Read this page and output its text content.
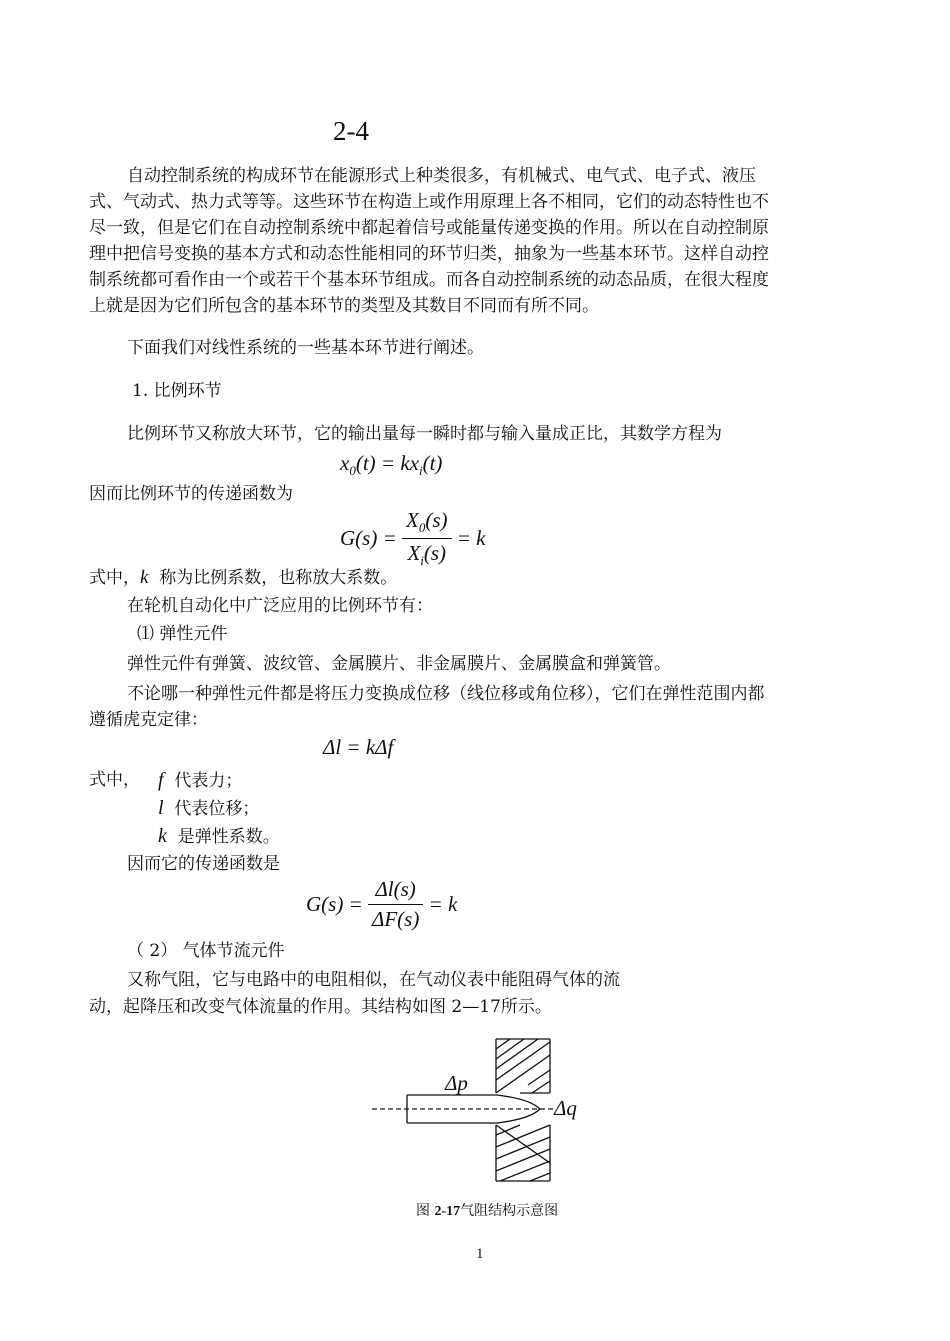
2-4
自动控制系统的构成环节在能源形式上种类很多，有机械式、电气式、电子式、液压
式、气动式、热力式等等。这些环节在构造上或作用原理上各不相同，它们的动态特性也不
尽一致，但是它们在自动控制系统中都起着信号或能量传递变换的作用。所以在自动控制原
理中把信号变换的基本方式和动态性能相同的环节归类，抽象为一些基本环节。这样自动控
制系统都可看作由一个或若干个基本环节组成。而各自动控制系统的动态品质，在很大程度
上就是因为它们所包含的基本环节的类型及其数目不同而有所不同。
下面我们对线性系统的一些基本环节进行阐述。
1. 比例环节
比例环节又称放大环节，它的输出量每一瞬时都与输入量成正比，其数学方程为
$x_0(t) = kx_i(t)$
因而比例环节的传递函数为
$G(s) = \frac{X_0(s)}{X_i(s)} = k$
式中，k 称为比例系数，也称放大系数。
在轮机自动化中广泛应用的比例环节有：
⑴ 弹性元件
弹性元件有弹簧、波纹管、金属膜片、非金属膜片、金属膜盒和弹簧管。
不论哪一种弹性元件都是将压力变换成位移（线位移或角位移），它们在弹性范围内都
遵循虎克定律：
Δl = kΔf
式中， f 代表力；
l 代表位移；
k 是弹性系数。
因而它的传递函数是
$G(s) = \frac{\Delta l(s)}{\Delta F(s)} = k$
（ 2） 气体节流元件
又称气阻，它与电路中的电阻相似，在气动仪表中能阻碍气体的流
动，起降压和改变气体流量的作用。其结构如图 2—17所示。
Δp
Δq
图 2-17气阻结构示意图
1
